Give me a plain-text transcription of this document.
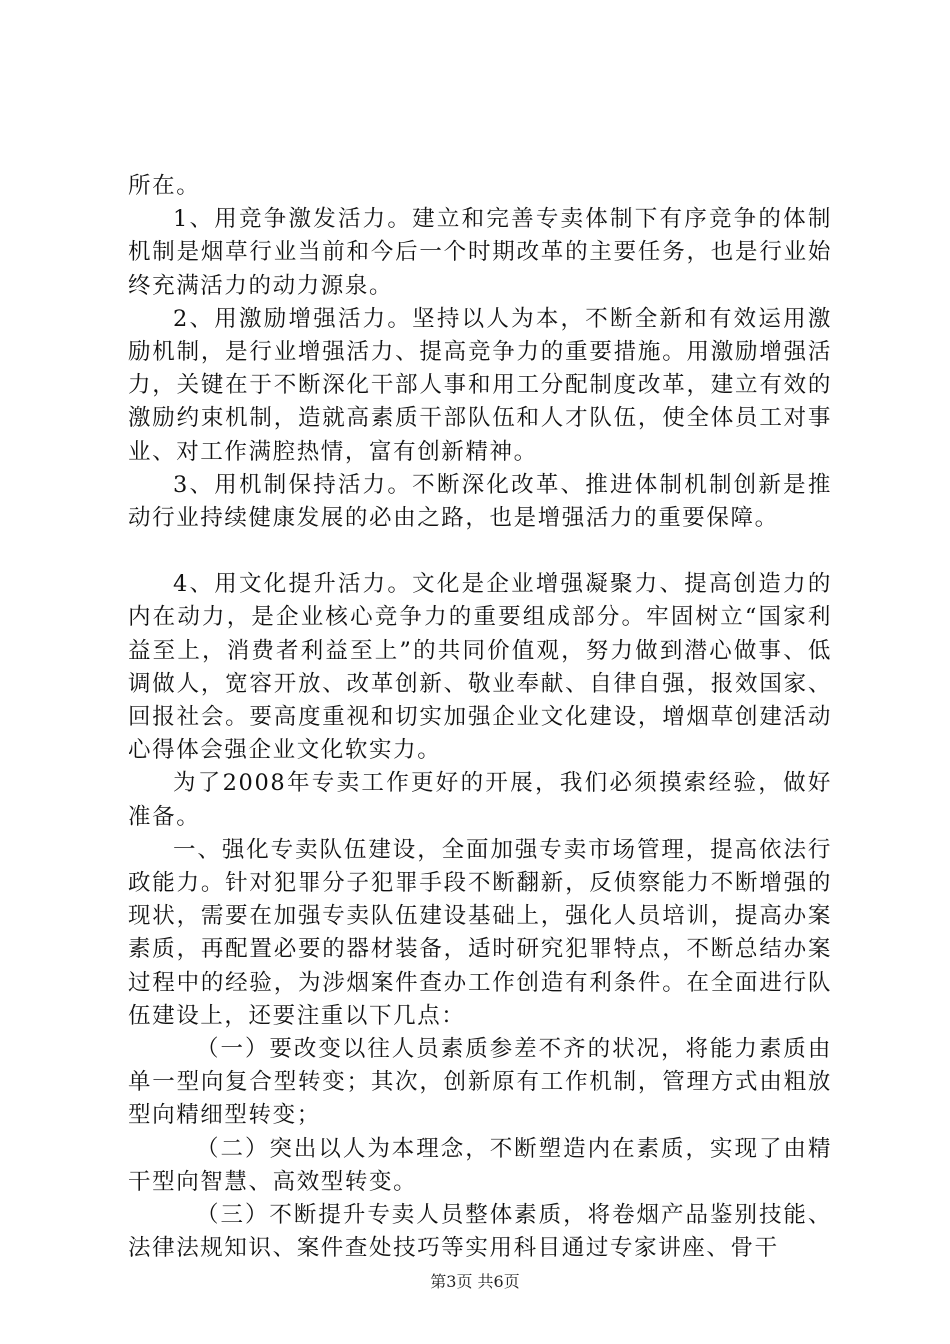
所在。

1、用竞争激发活力。建立和完善专卖体制下有序竞争的体制机制是烟草行业当前和今后一个时期改革的主要任务，也是行业始终充满活力的动力源泉。

2、用激励增强活力。坚持以人为本，不断全新和有效运用激励机制，是行业增强活力、提高竞争力的重要措施。用激励增强活力，关键在于不断深化干部人事和用工分配制度改革，建立有效的激励约束机制，造就高素质干部队伍和人才队伍，使全体员工对事业、对工作满腔热情，富有创新精神。

3、用机制保持活力。不断深化改革、推进体制机制创新是推动行业持续健康发展的必由之路，也是增强活力的重要保障。

4、用文化提升活力。文化是企业增强凝聚力、提高创造力的内在动力，是企业核心竞争力的重要组成部分。牢固树立“国家利益至上，消费者利益至上”的共同价值观，努力做到潜心做事、低调做人，宽容开放、改革创新、敬业奉献、自律自强，报效国家、回报社会。要高度重视和切实加强企业文化建设，增烟草创建活动心得体会强企业文化软实力。

为了2008年专卖工作更好的开展，我们必须摸索经验，做好准备。

一、强化专卖队伍建设，全面加强专卖市场管理，提高依法行政能力。针对犯罪分子犯罪手段不断翻新，反侦察能力不断增强的现状，需要在加强专卖队伍建设基础上，强化人员培训，提高办案素质，再配置必要的器材装备，适时研究犯罪特点，不断总结办案过程中的经验，为涉烟案件查办工作创造有利条件。在全面进行队伍建设上，还要注重以下几点：

（一）要改变以往人员素质参差不齐的状况，将能力素质由单一型向复合型转变；其次，创新原有工作机制，管理方式由粗放型向精细型转变；

（二）突出以人为本理念，不断塑造内在素质，实现了由精干型向智慧、高效型转变。

（三）不断提升专卖人员整体素质，将卷烟产品鉴别技能、法律法规知识、案件查处技巧等实用科目通过专家讲座、骨干

第3页 共6页
